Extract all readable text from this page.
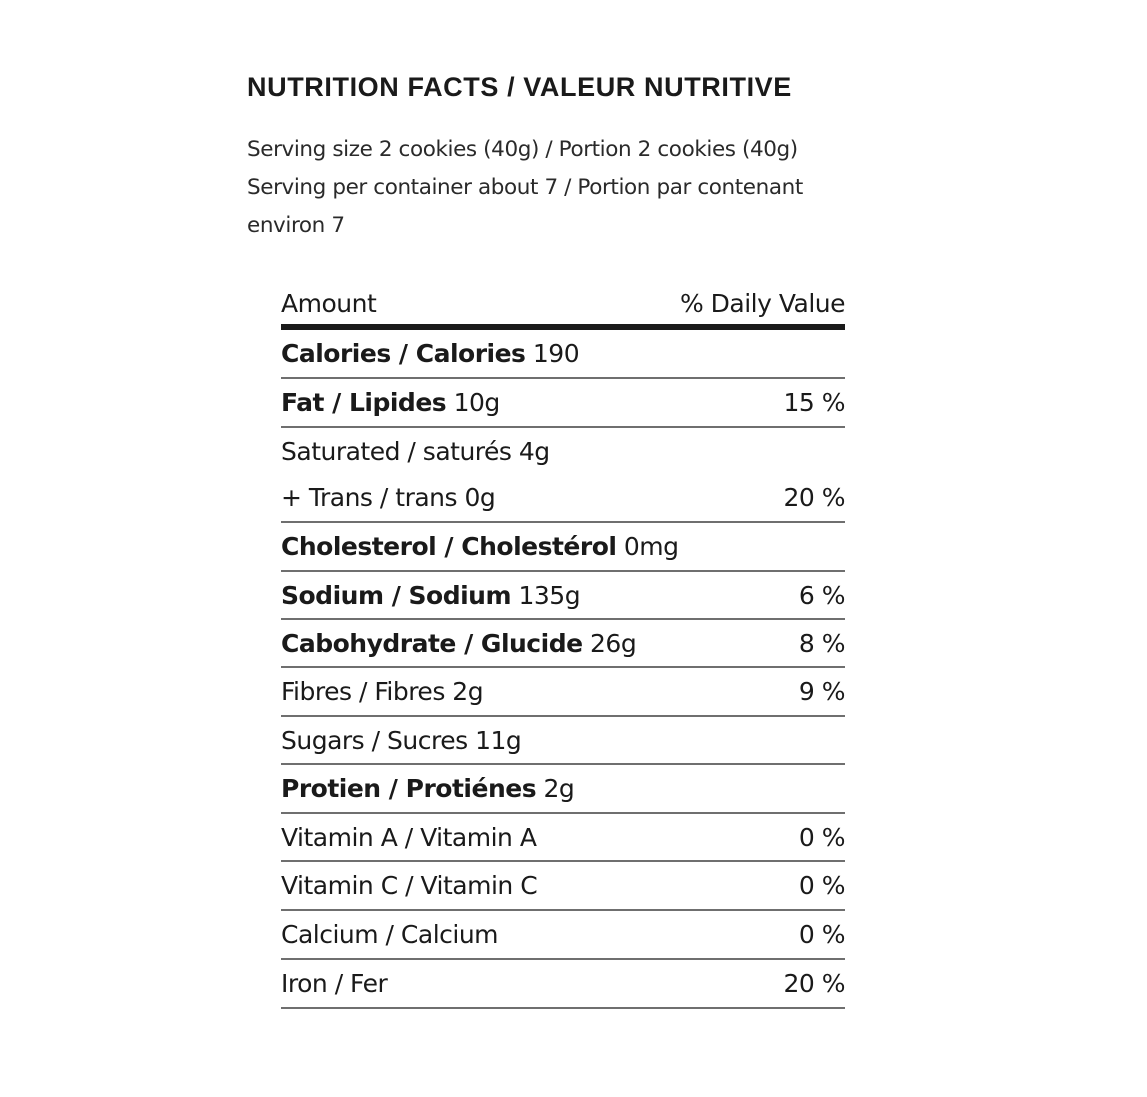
NUTRITION FACTS / VALEUR NUTRITIVE
Serving size 2 cookies (40g) / Portion 2 cookies (40g)
Serving per container about 7 / Portion par contenant
environ 7
Amount	% Daily Value
Calories / Calories 190
Fat / Lipides 10g	15 %
Saturated / saturés 4g
+ Trans / trans 0g	20 %
Cholesterol / Cholestérol 0mg
Sodium / Sodium 135g	6 %
Cabohydrate / Glucide 26g	8 %
Fibres / Fibres 2g	9 %
Sugars / Sucres 11g
Protien / Protiénes 2g
Vitamin A / Vitamin A	0 %
Vitamin C / Vitamin C	0 %
Calcium / Calcium	0 %
Iron / Fer	20 %
